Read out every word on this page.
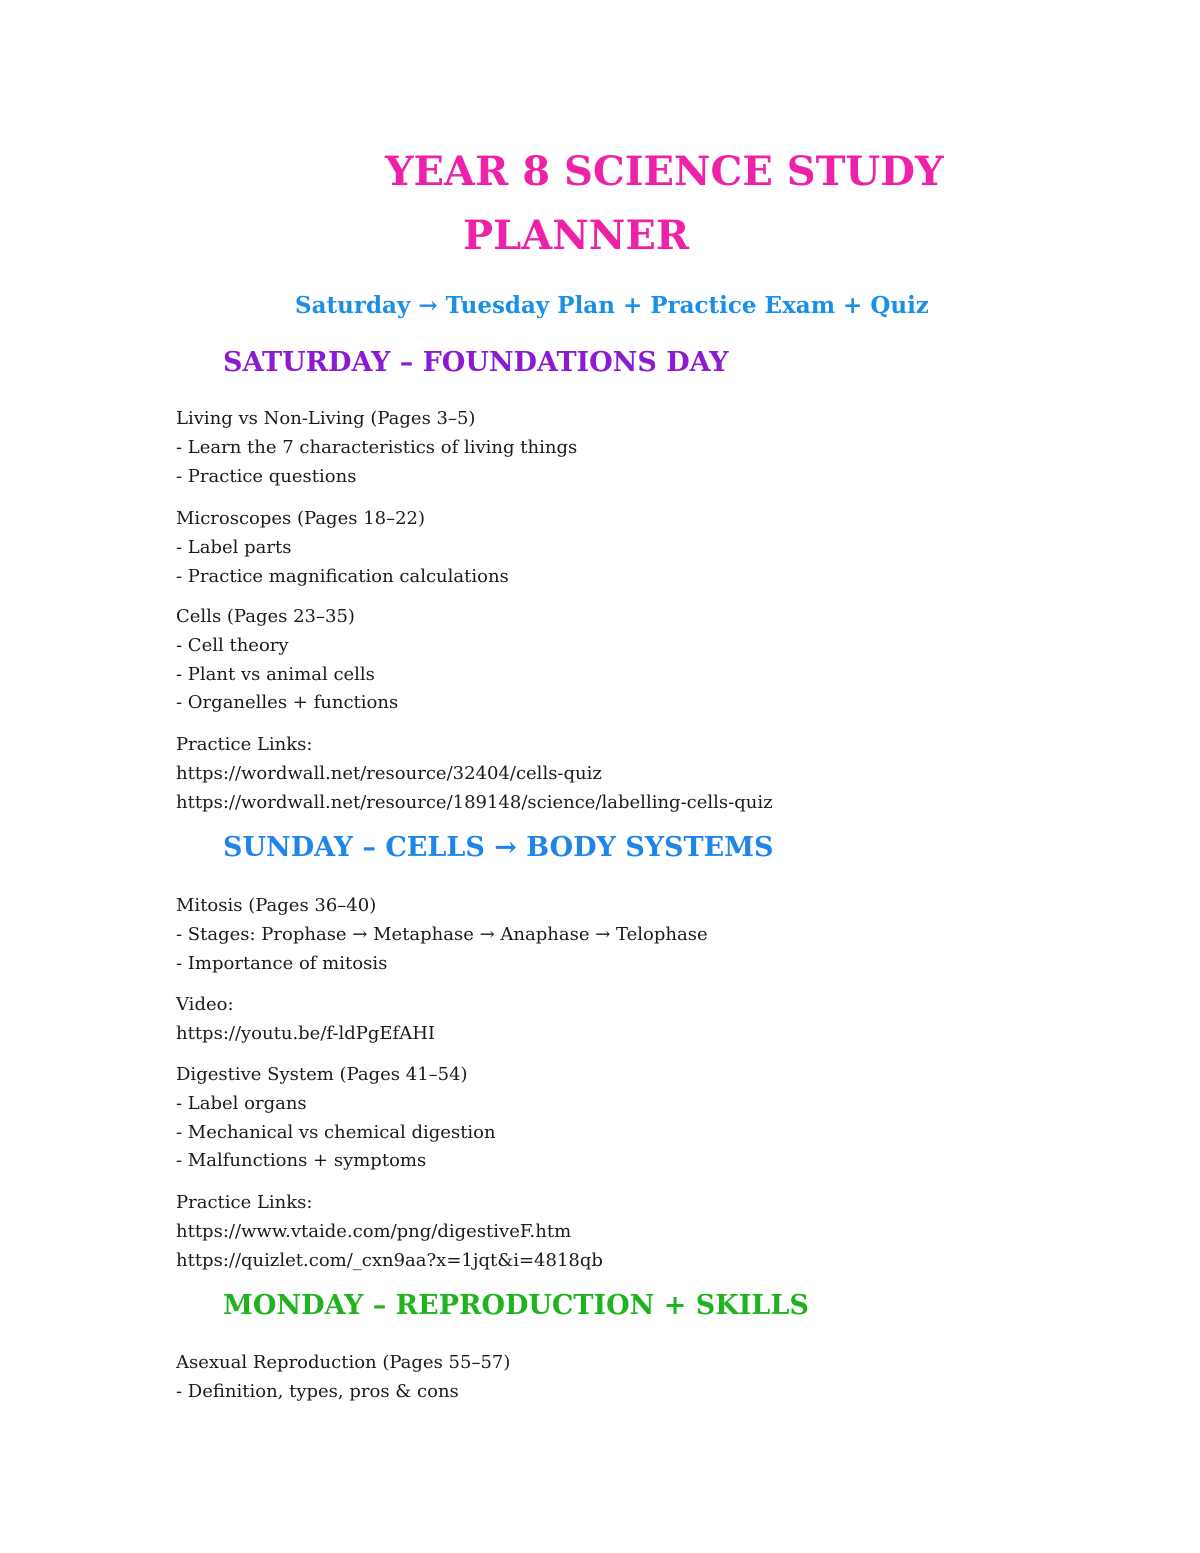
YEAR 8 SCIENCE STUDY
PLANNER
Saturday → Tuesday Plan + Practice Exam + Quiz
SATURDAY – FOUNDATIONS DAY
Living vs Non-Living (Pages 3–5)
- Learn the 7 characteristics of living things
- Practice questions
Microscopes (Pages 18–22)
- Label parts
- Practice magnification calculations
Cells (Pages 23–35)
- Cell theory
- Plant vs animal cells
- Organelles + functions
Practice Links:
https://wordwall.net/resource/32404/cells-quiz
https://wordwall.net/resource/189148/science/labelling-cells-quiz
SUNDAY – CELLS → BODY SYSTEMS
Mitosis (Pages 36–40)
- Stages: Prophase → Metaphase → Anaphase → Telophase
- Importance of mitosis
Video:
https://youtu.be/f-ldPgEfAHI
Digestive System (Pages 41–54)
- Label organs
- Mechanical vs chemical digestion
- Malfunctions + symptoms
Practice Links:
https://www.vtaide.com/png/digestiveF.htm
https://quizlet.com/_cxn9aa?x=1jqt&i=4818qb
MONDAY – REPRODUCTION + SKILLS
Asexual Reproduction (Pages 55–57)
- Definition, types, pros & cons
